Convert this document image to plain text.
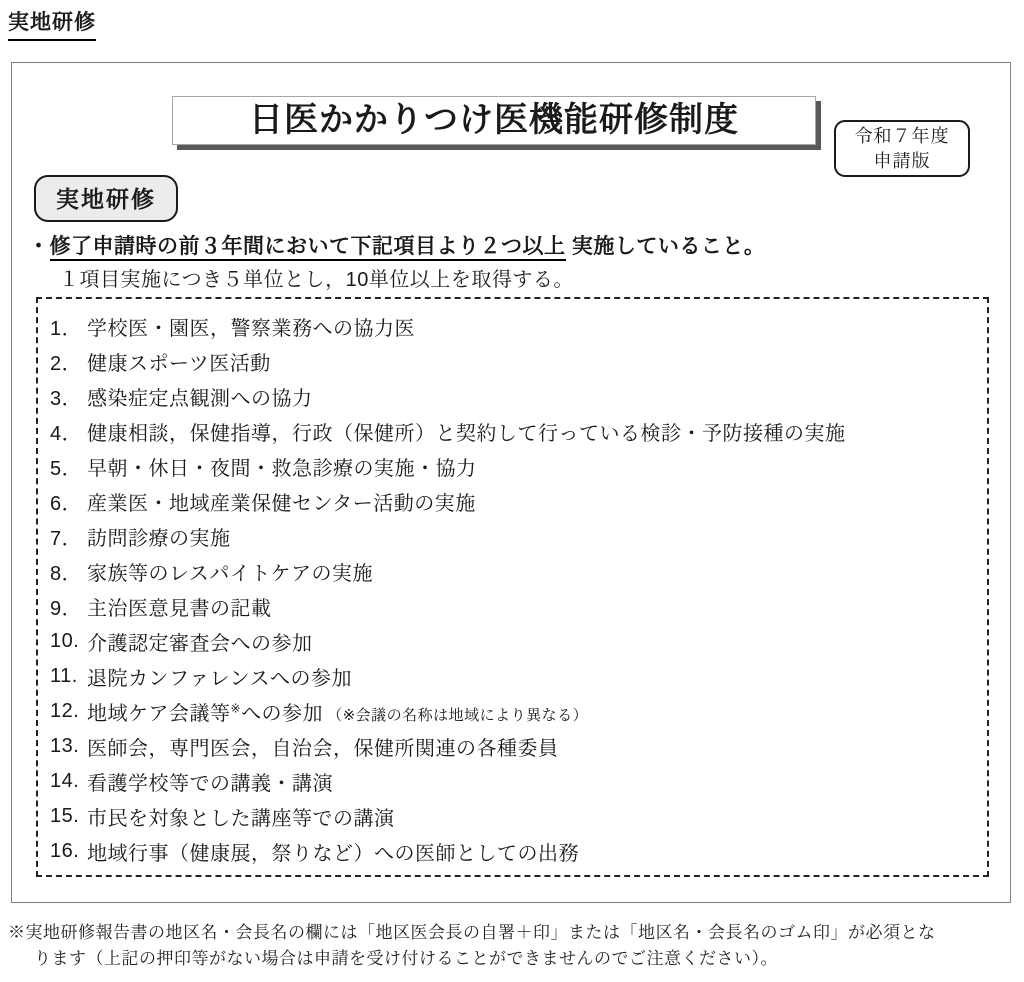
実地研修
日医かかりつけ医機能研修制度	令和７年度
申請版
実地研修
・修了申請時の前３年間において下記項目より２つ以上 実施していること。
１項目実施につき５単位とし，10単位以上を取得する。
1． 学校医・園医，警察業務への協力医
2． 健康スポーツ医活動
3． 感染症定点観測への協力
4． 健康相談，保健指導，行政（保健所）と契約して行っている検診・予防接種の実施
5． 早朝・休日・夜間・救急診療の実施・協力
6． 産業医・地域産業保健センター活動の実施
7． 訪問診療の実施
8． 家族等のレスパイトケアの実施
9． 主治医意見書の記載
10. 介護認定審査会への参加
11. 退院カンファレンスへの参加
12. 地域ケア会議等※への参加 （※会議の名称は地域により異なる）
13. 医師会，専門医会，自治会，保健所関連の各種委員
14. 看護学校等での講義・講演
15. 市民を対象とした講座等での講演
16. 地域行事（健康展，祭りなど）への医師としての出務
※実地研修報告書の地区名・会長名の欄には「地区医会長の自署＋印」または「地区名・会長名のゴム印」が必須とな
ります（上記の押印等がない場合は申請を受け付けることができませんのでご注意ください）。
